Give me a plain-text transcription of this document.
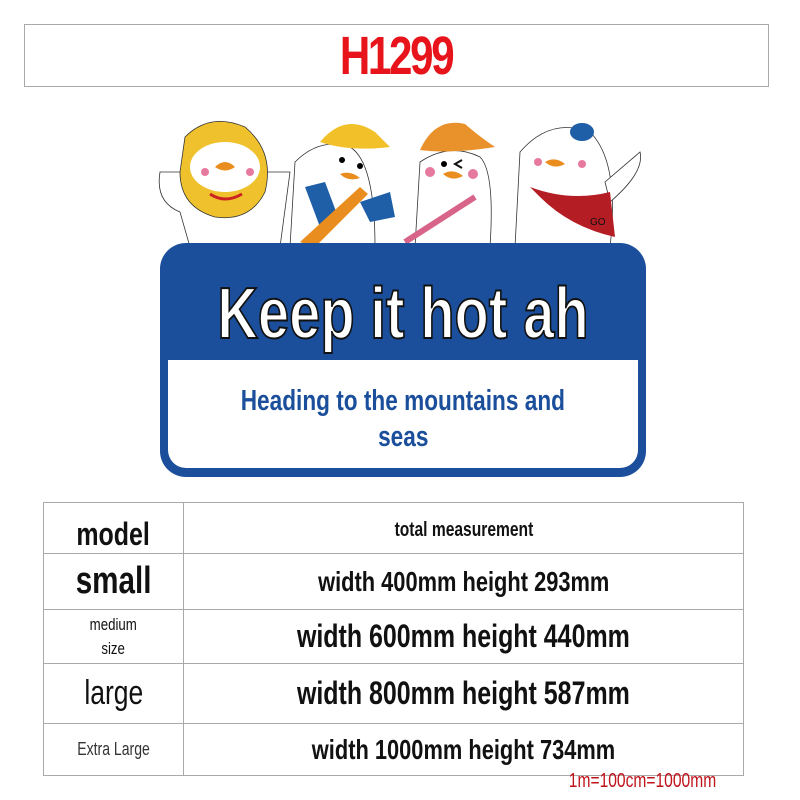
H1299
GO
Keep it hot ah
Heading to the mountains and
seas
model	total measurement
small	width 400mm height 293mm

medium
size	width 600mm height 440mm
large	width 800mm height 587mm
Extra Large	width 1000mm height 734mm
1m=100cm=1000mm
